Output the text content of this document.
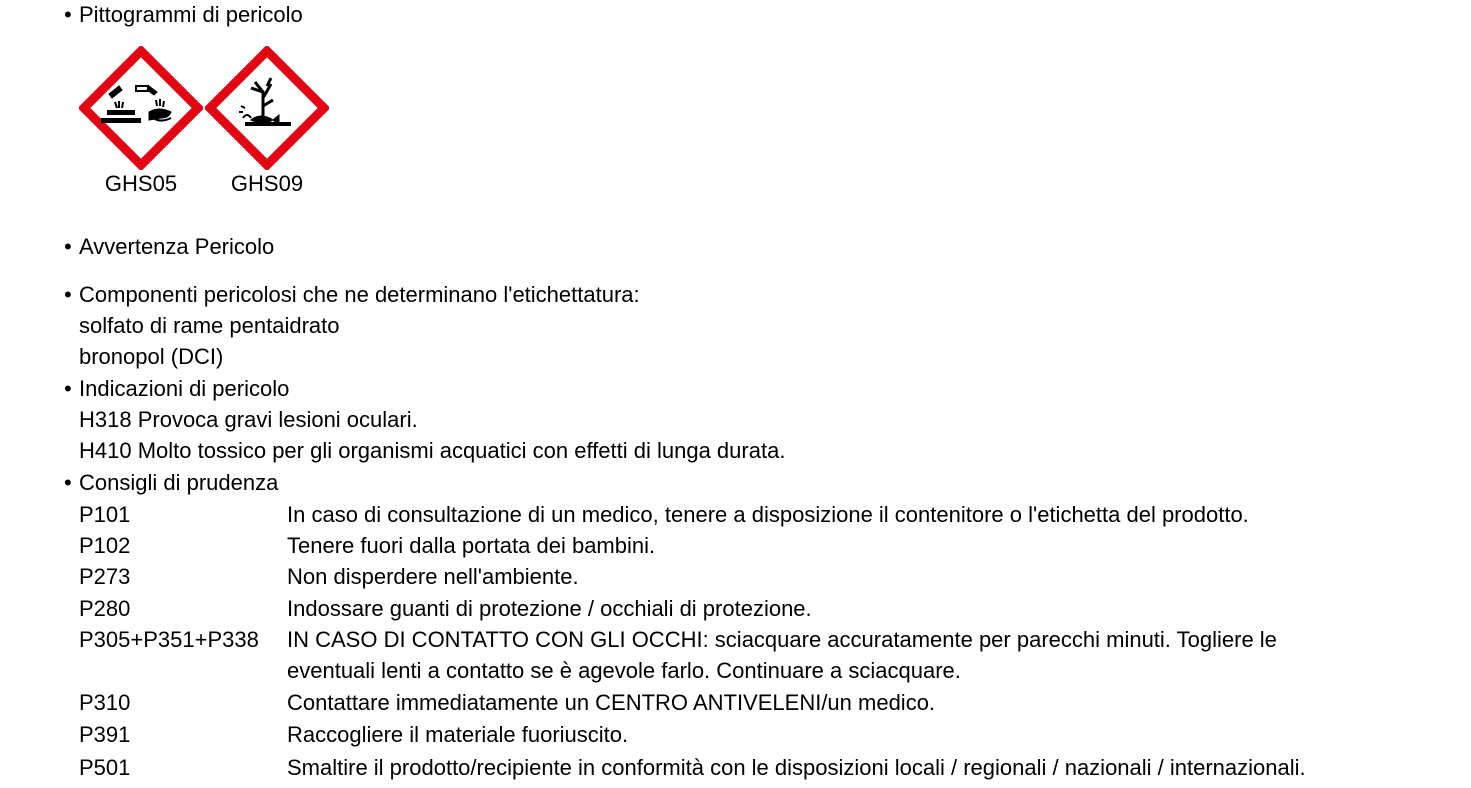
• Pittogrammi di pericolo
GHS05	GHS09
• Avvertenza Pericolo
• Componenti pericolosi che ne determinano l'etichettatura:
solfato di rame pentaidrato
bronopol (DCI)
• Indicazioni di pericolo
H318 Provoca gravi lesioni oculari.
H410 Molto tossico per gli organismi acquatici con effetti di lunga durata.
• Consigli di prudenza
P101	In caso di consultazione di un medico, tenere a disposizione il contenitore o l'etichetta del prodotto.
P102	Tenere fuori dalla portata dei bambini.
P273	Non disperdere nell'ambiente.
P280	Indossare guanti di protezione / occhiali di protezione.
P305+P351+P338 IN CASO DI CONTATTO CON GLI OCCHI: sciacquare accuratamente per parecchi minuti. Togliere le
eventuali lenti a contatto se è agevole farlo. Continuare a sciacquare.
P310	Contattare immediatamente un CENTRO ANTIVELENI/un medico.
P391	Raccogliere il materiale fuoriuscito.
P501	Smaltire il prodotto/recipiente in conformità con le disposizioni locali / regionali / nazionali / internazionali.
